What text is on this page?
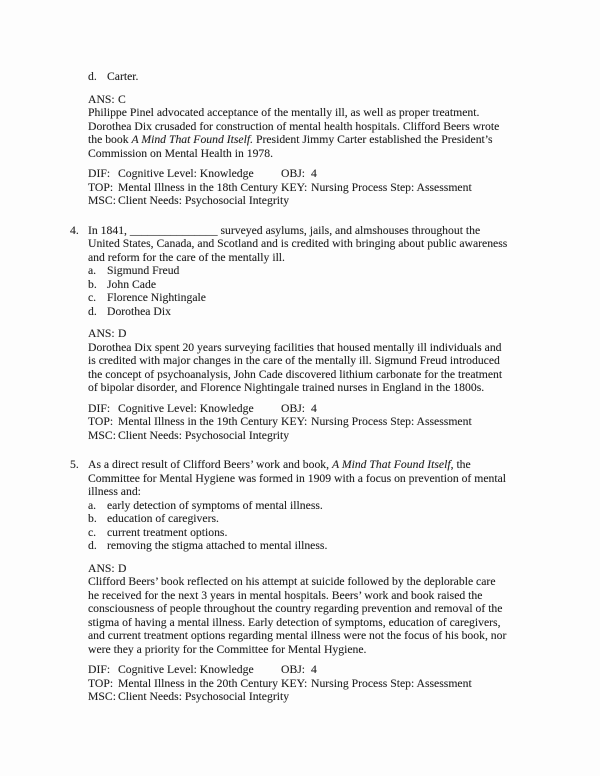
d. Carter.
ANS: C
Philippe Pinel advocated acceptance of the mentally ill, as well as proper treatment.
Dorothea Dix crusaded for construction of mental health hospitals. Clifford Beers wrote
the book A Mind That Found Itself. President Jimmy Carter established the President’s
Commission on Mental Health in 1978.
DIF: Cognitive Level: Knowledge OBJ: 4
TOP: Mental Illness in the 18th Century KEY: Nursing Process Step: Assessment
MSC: Client Needs: Psychosocial Integrity
4. In 1841, _______________ surveyed asylums, jails, and almshouses throughout the
United States, Canada, and Scotland and is credited with bringing about public awareness
and reform for the care of the mentally ill.
a. Sigmund Freud
b. John Cade
c. Florence Nightingale
d. Dorothea Dix
ANS: D
Dorothea Dix spent 20 years surveying facilities that housed mentally ill individuals and
is credited with major changes in the care of the mentally ill. Sigmund Freud introduced
the concept of psychoanalysis, John Cade discovered lithium carbonate for the treatment
of bipolar disorder, and Florence Nightingale trained nurses in England in the 1800s.
DIF: Cognitive Level: Knowledge OBJ: 4
TOP: Mental Illness in the 19th Century KEY: Nursing Process Step: Assessment
MSC: Client Needs: Psychosocial Integrity
5. As a direct result of Clifford Beers’ work and book, A Mind That Found Itself, the
Committee for Mental Hygiene was formed in 1909 with a focus on prevention of mental
illness and:
a. early detection of symptoms of mental illness.
b. education of caregivers.
c. current treatment options.
d. removing the stigma attached to mental illness.
ANS: D
Clifford Beers’ book reflected on his attempt at suicide followed by the deplorable care
he received for the next 3 years in mental hospitals. Beers’ work and book raised the
consciousness of people throughout the country regarding prevention and removal of the
stigma of having a mental illness. Early detection of symptoms, education of caregivers,
and current treatment options regarding mental illness were not the focus of his book, nor
were they a priority for the Committee for Mental Hygiene.
DIF: Cognitive Level: Knowledge OBJ: 4
TOP: Mental Illness in the 20th Century KEY: Nursing Process Step: Assessment
MSC: Client Needs: Psychosocial Integrity
